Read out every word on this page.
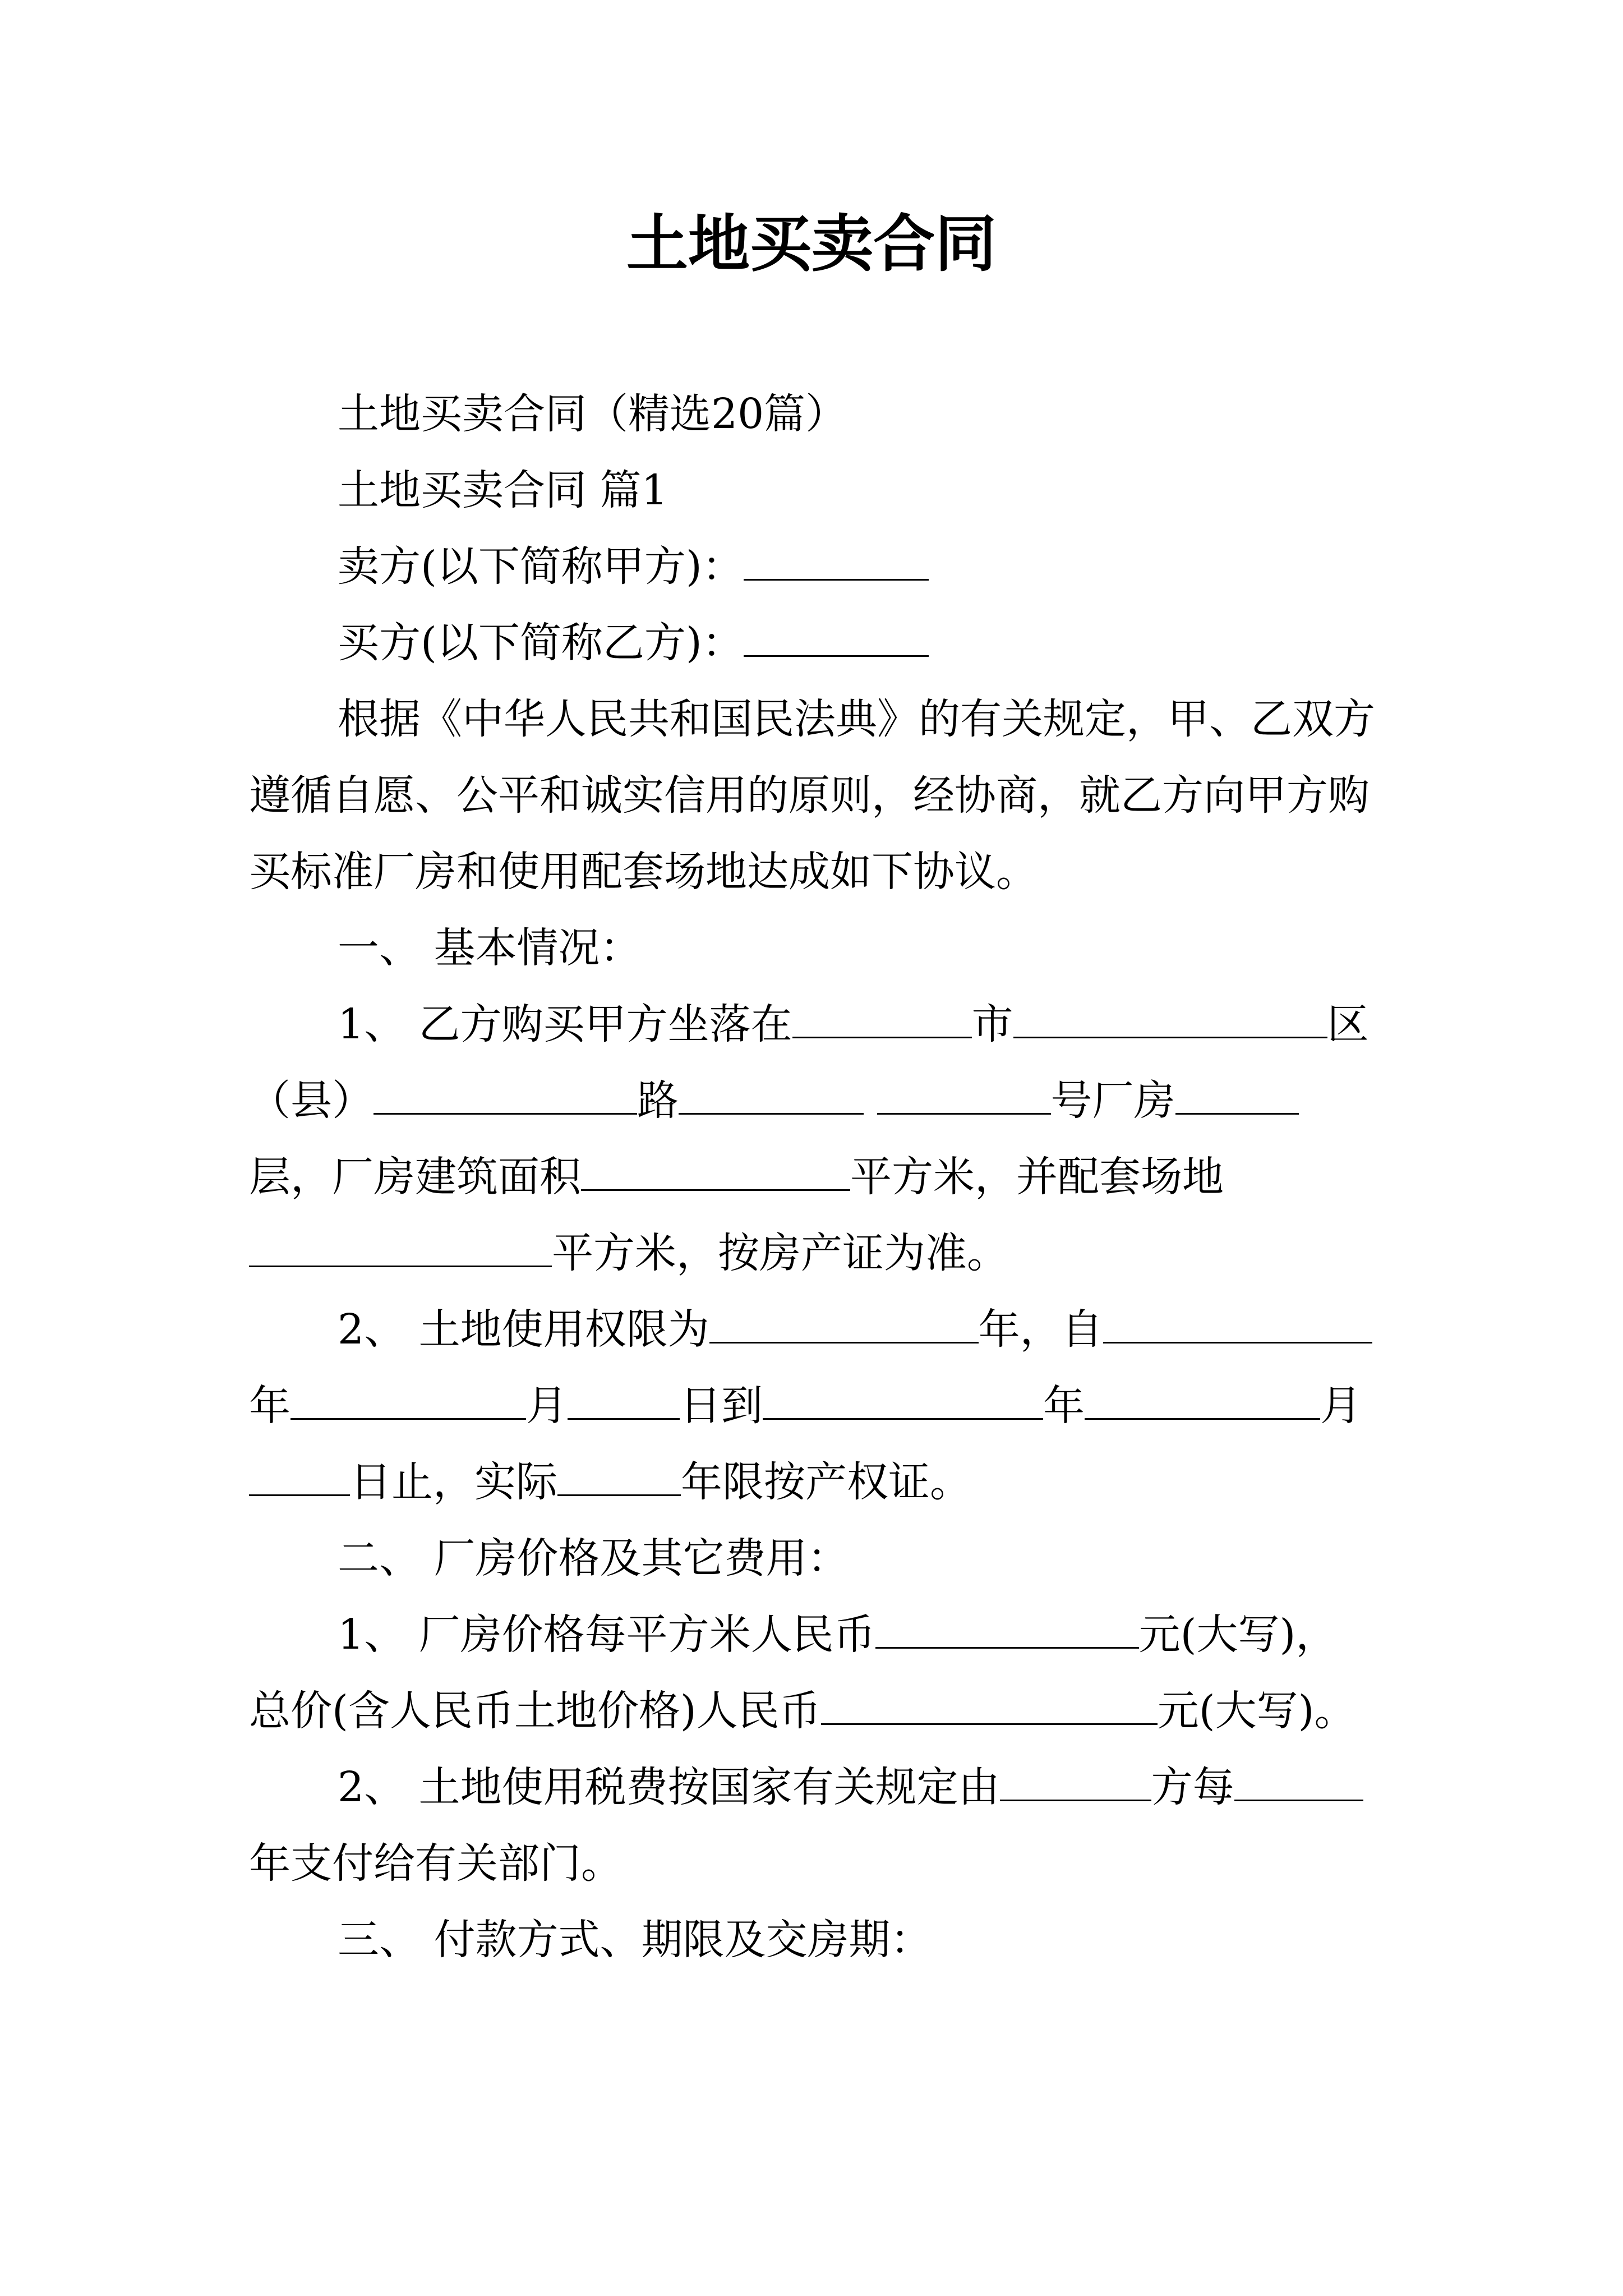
土地买卖合同

土地买卖合同（精选20篇）

土地买卖合同 篇1

卖方(以下简称甲方)：

买方(以下简称乙方)：

根据《中华人民共和国民法典》的有关规定，甲、乙双方遵循自愿、公平和诚实信用的原则，经协商，就乙方向甲方购买标准厂房和使用配套场地达成如下协议。

一、 基本情况：

1、 乙方购买甲方坐落在	市	区（县）	路	号厂房层，厂房建筑面积	平方米，并配套场地平方米，按房产证为准。

2、 土地使用权限为	年，自年	月	日到	年	月日止，实际	年限按产权证。

二、 厂房价格及其它费用：

1、 厂房价格每平方米人民币	元(大写)，总价(含人民币土地价格)人民币	元(大写)。

2、 土地使用税费按国家有关规定由	方每年支付给有关部门。

三、 付款方式、期限及交房期：
